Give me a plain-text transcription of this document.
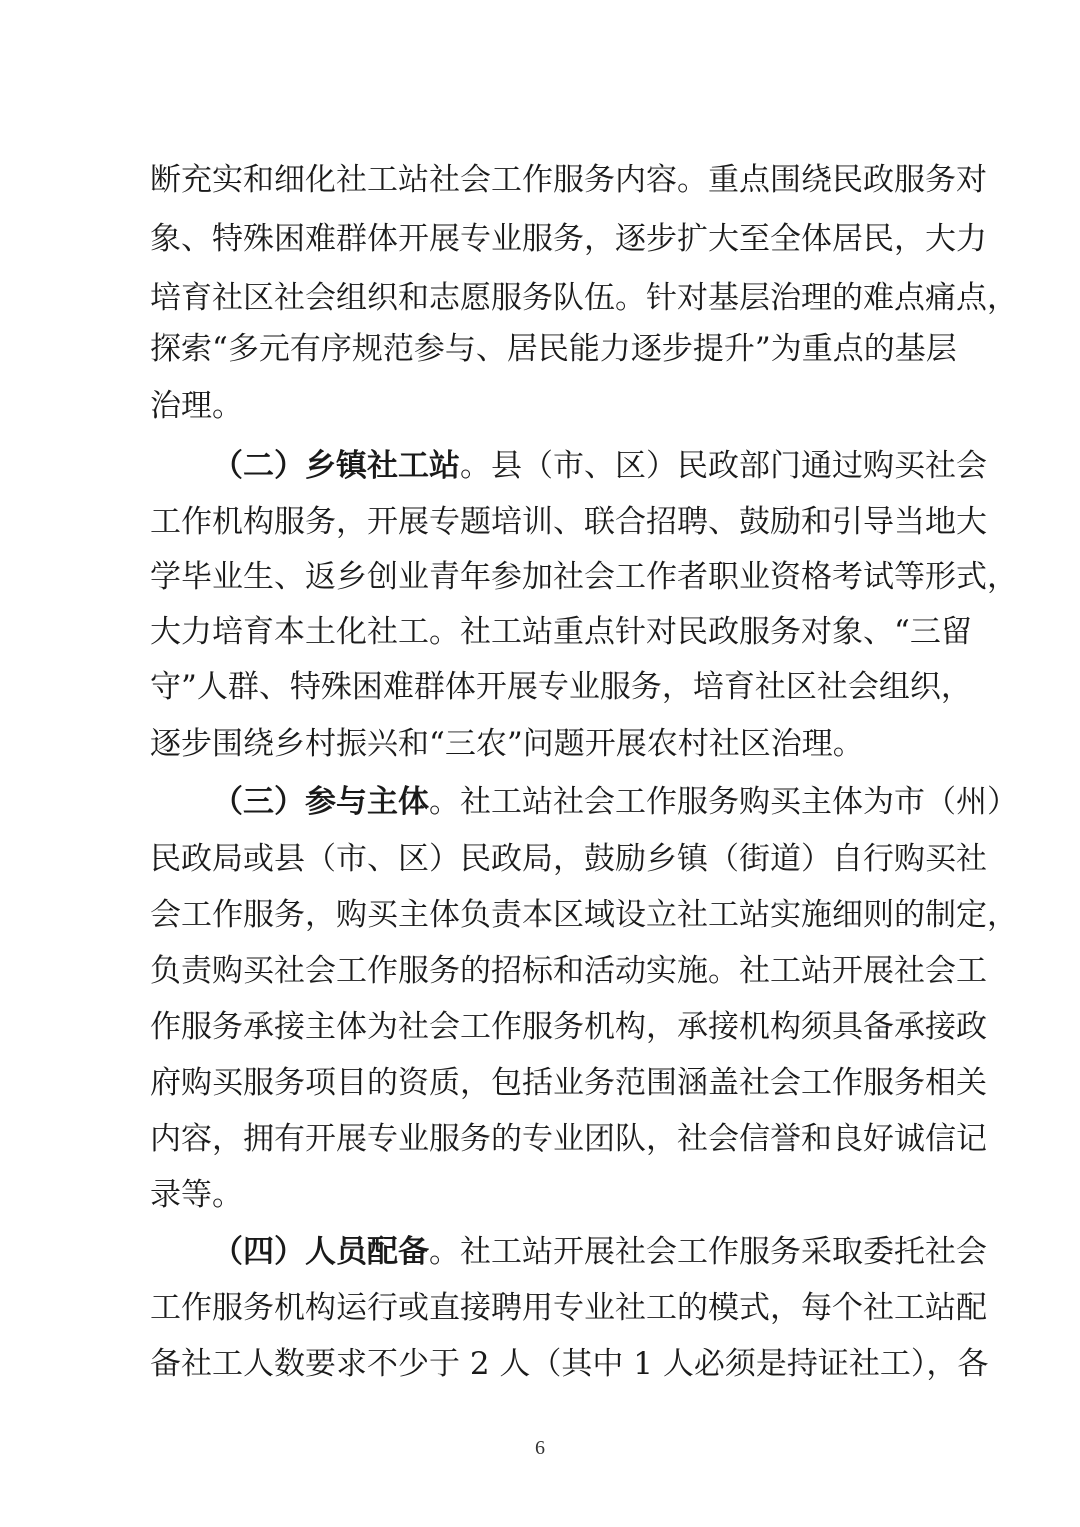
断充实和细化社工站社会工作服务内容。重点围绕民政服务对
象、特殊困难群体开展专业服务，逐步扩大至全体居民，大力
培育社区社会组织和志愿服务队伍。针对基层治理的难点痛点，
探索“多元有序规范参与、居民能力逐步提升”为重点的基层
治理。
（二）乡镇社工站。县（市、区）民政部门通过购买社会
工作机构服务，开展专题培训、联合招聘、鼓励和引导当地大
学毕业生、返乡创业青年参加社会工作者职业资格考试等形式，
大力培育本土化社工。社工站重点针对民政服务对象、“三留
守”人群、特殊困难群体开展专业服务，培育社区社会组织，
逐步围绕乡村振兴和“三农”问题开展农村社区治理。
（三）参与主体。社工站社会工作服务购买主体为市（州）
民政局或县（市、区）民政局，鼓励乡镇（街道）自行购买社
会工作服务，购买主体负责本区域设立社工站实施细则的制定，
负责购买社会工作服务的招标和活动实施。社工站开展社会工
作服务承接主体为社会工作服务机构，承接机构须具备承接政
府购买服务项目的资质，包括业务范围涵盖社会工作服务相关
内容，拥有开展专业服务的专业团队，社会信誉和良好诚信记
录等。
（四）人员配备。社工站开展社会工作服务采取委托社会
工作服务机构运行或直接聘用专业社工的模式，每个社工站配
备社工人数要求不少于 2 人（其中 1 人必须是持证社工），各
6
